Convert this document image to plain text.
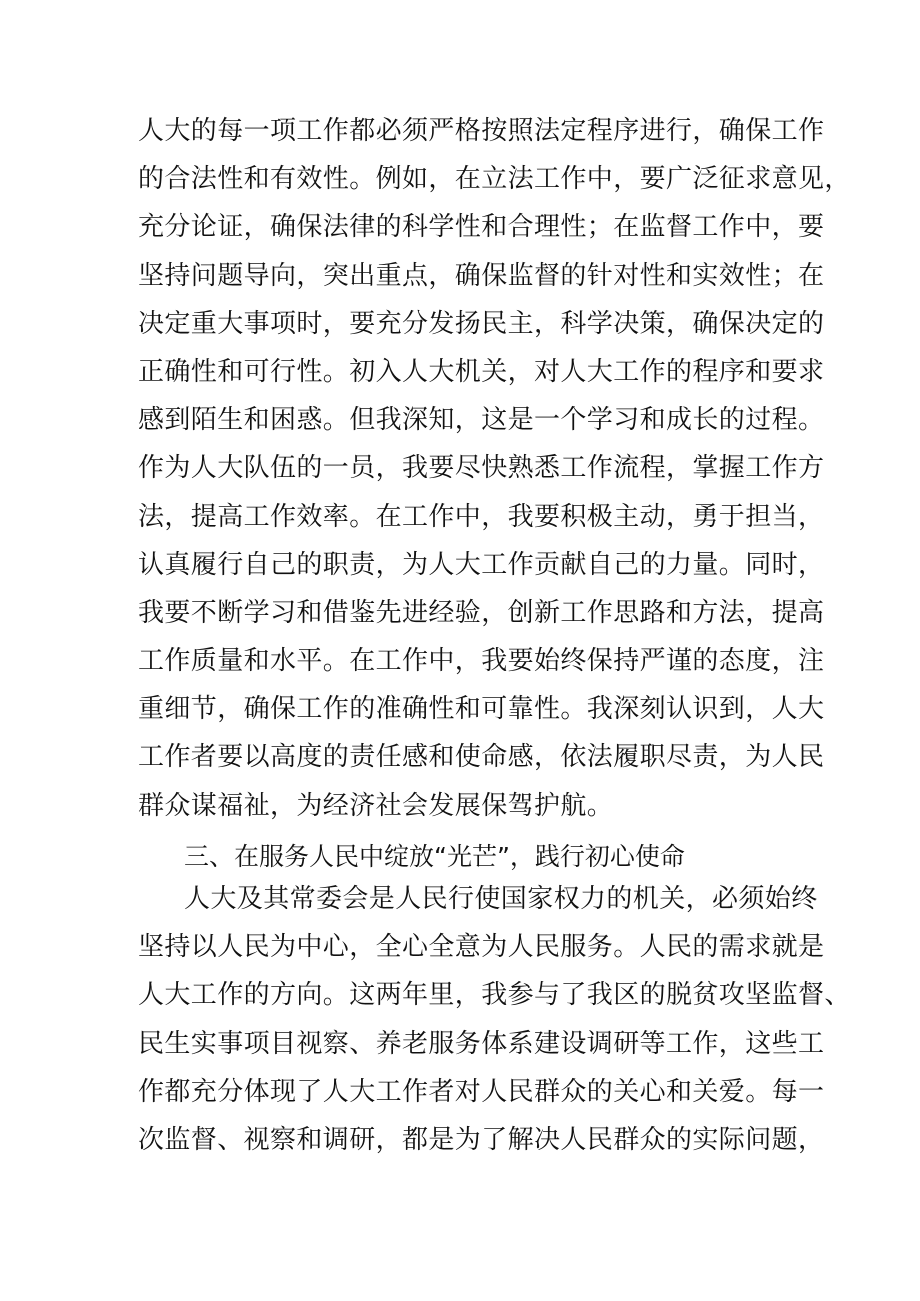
人大的每一项工作都必须严格按照法定程序进行，确保工作
的合法性和有效性。例如，在立法工作中，要广泛征求意见，
充分论证，确保法律的科学性和合理性；在监督工作中，要
坚持问题导向，突出重点，确保监督的针对性和实效性；在
决定重大事项时，要充分发扬民主，科学决策，确保决定的
正确性和可行性。初入人大机关，对人大工作的程序和要求
感到陌生和困惑。但我深知，这是一个学习和成长的过程。
作为人大队伍的一员，我要尽快熟悉工作流程，掌握工作方
法，提高工作效率。在工作中，我要积极主动，勇于担当，
认真履行自己的职责，为人大工作贡献自己的力量。同时，
我要不断学习和借鉴先进经验，创新工作思路和方法，提高
工作质量和水平。在工作中，我要始终保持严谨的态度，注
重细节，确保工作的准确性和可靠性。我深刻认识到，人大
工作者要以高度的责任感和使命感，依法履职尽责，为人民
群众谋福祉，为经济社会发展保驾护航。
三、在服务人民中绽放“光芒”，践行初心使命
人大及其常委会是人民行使国家权力的机关，必须始终
坚持以人民为中心，全心全意为人民服务。人民的需求就是
人大工作的方向。这两年里，我参与了我区的脱贫攻坚监督、
民生实事项目视察、养老服务体系建设调研等工作，这些工
作都充分体现了人大工作者对人民群众的关心和关爱。每一
次监督、视察和调研，都是为了解决人民群众的实际问题，
